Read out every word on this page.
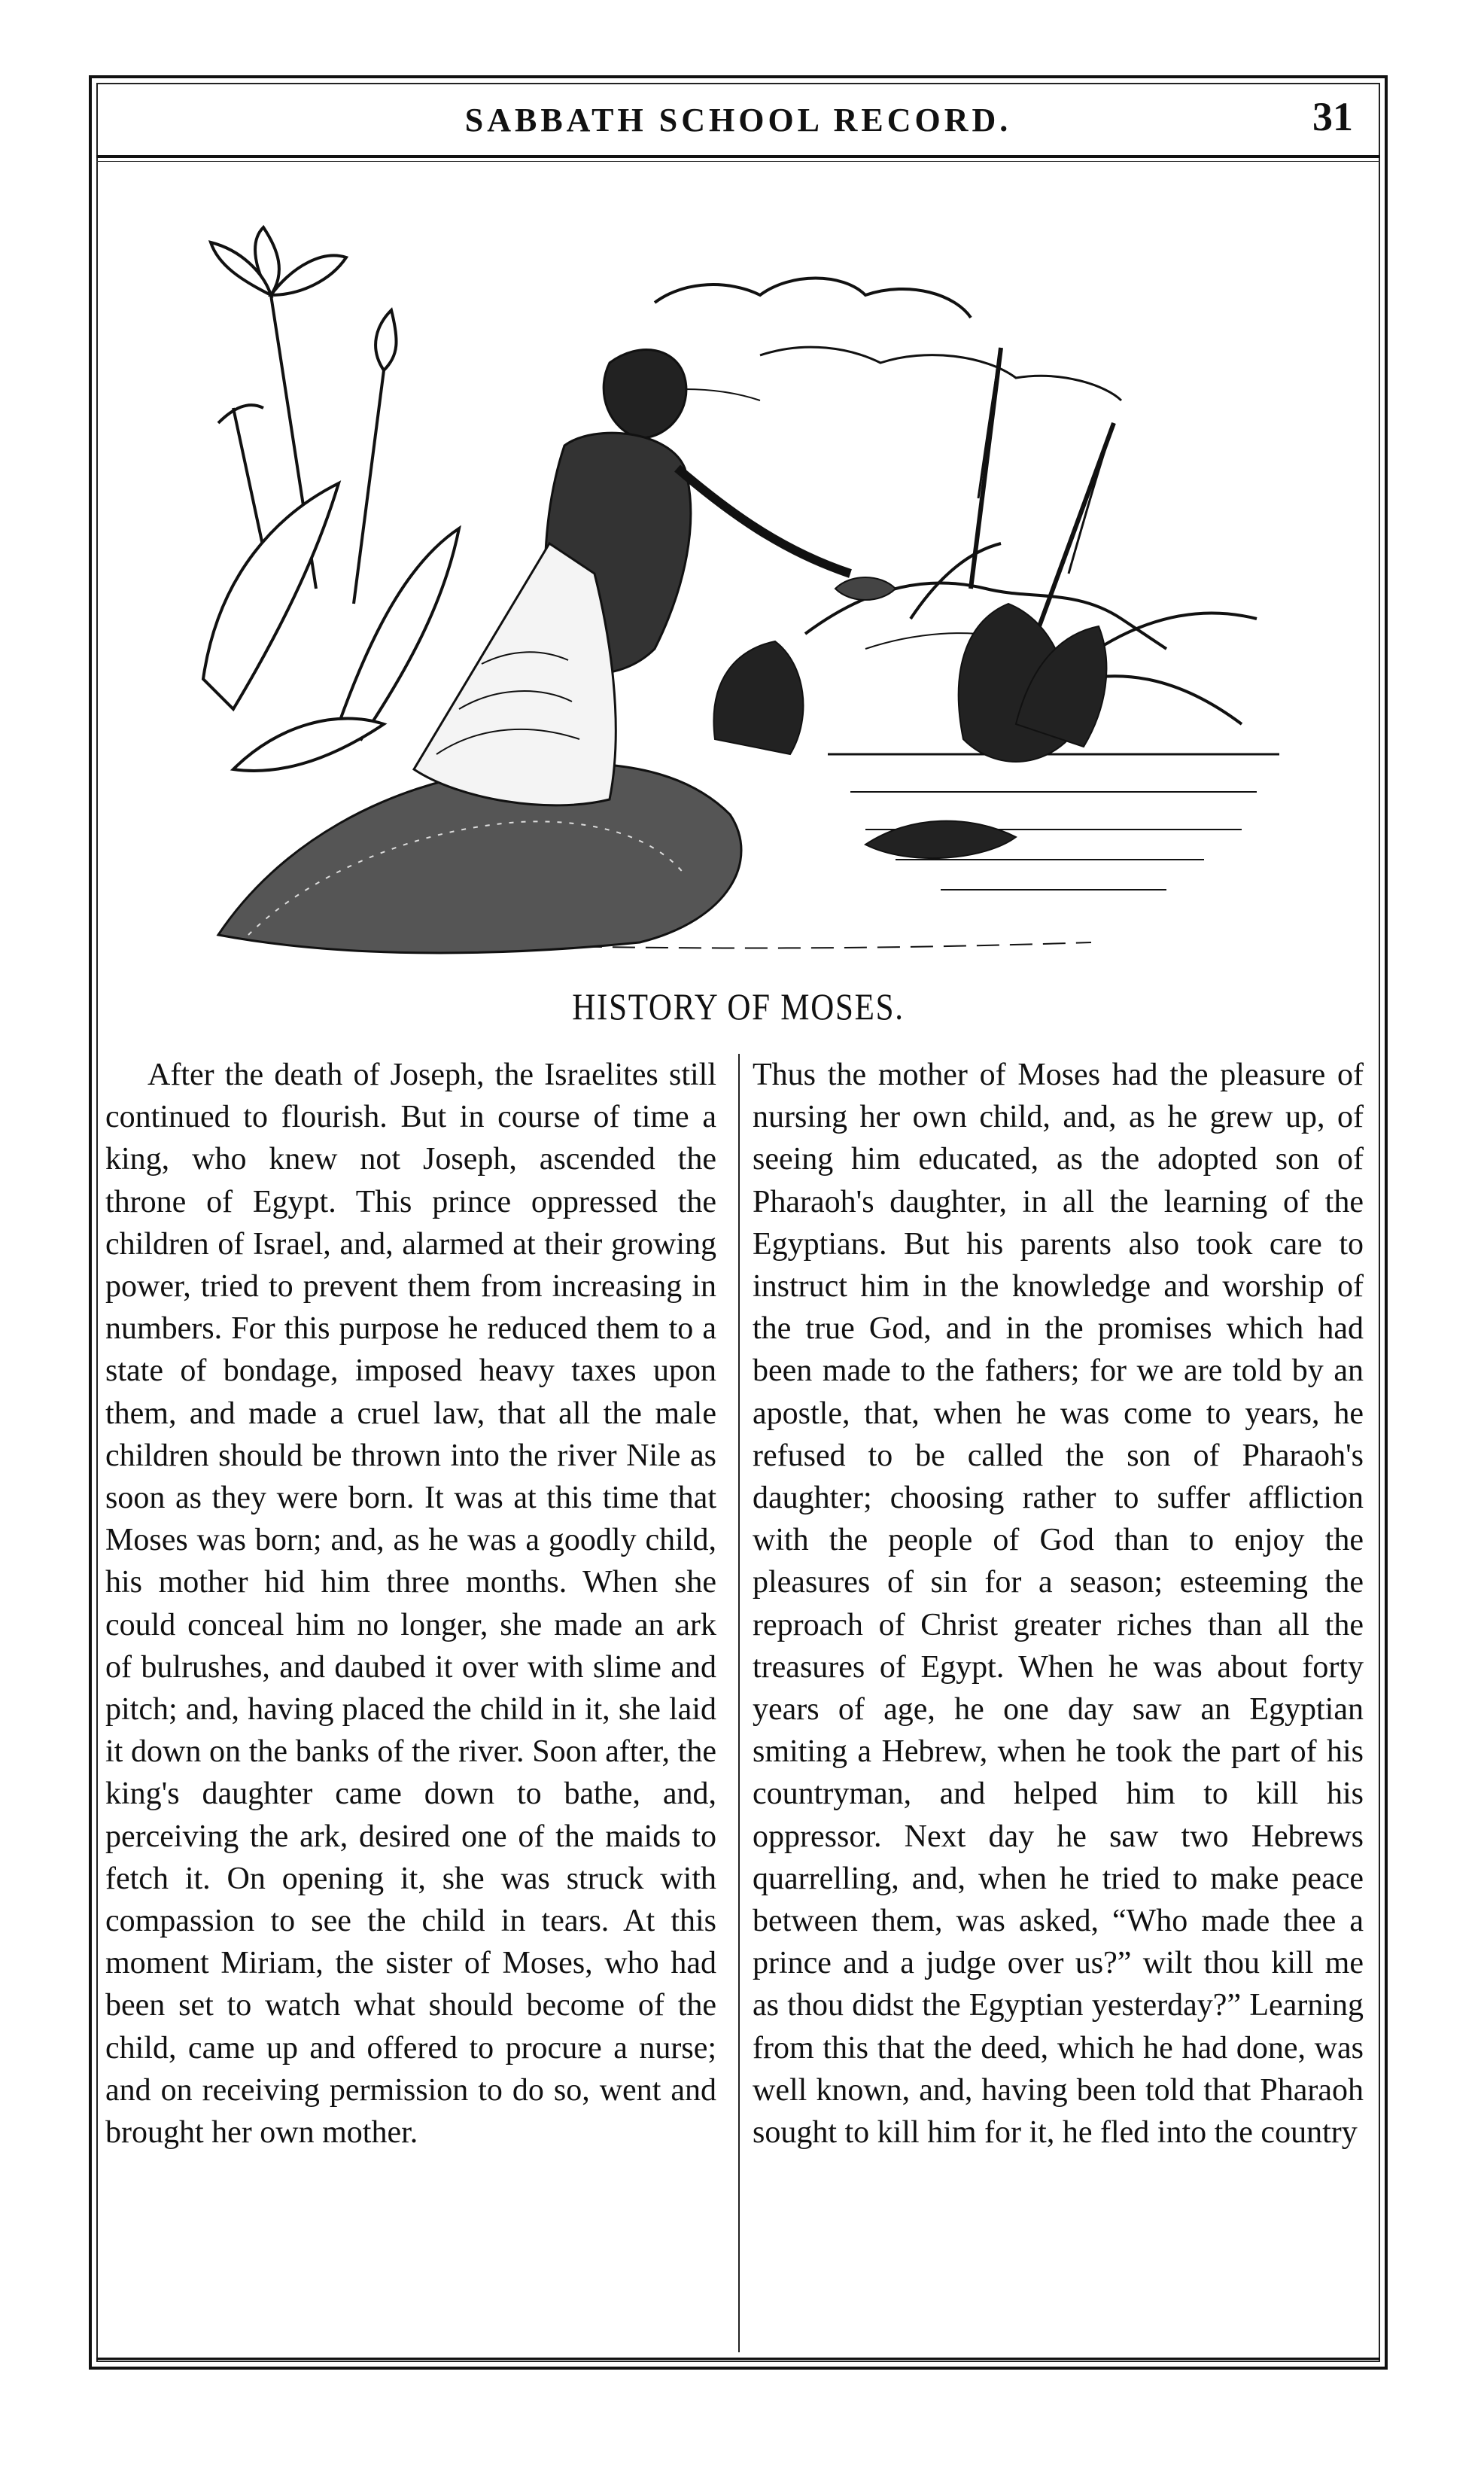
SABBATH SCHOOL RECORD.	31
HISTORY OF MOSES.

After the death of Joseph, the Israelites still continued to flourish. But in course of time a king, who knew not Joseph, ascended the throne of Egypt. This prince oppressed the children of Israel, and, alarmed at their growing power, tried to prevent them from increasing in numbers. For this purpose he reduced them to a state of bondage, imposed heavy taxes upon them, and made a cruel law, that all the male children should be thrown into the river Nile as soon as they were born. It was at this time that Moses was born; and, as he was a goodly child, his mother hid him three months. When she could conceal him no longer, she made an ark of bulrushes, and daubed it over with slime and pitch; and, having placed the child in it, she laid it down on the banks of the river. Soon after, the king's daughter came down to bathe, and, perceiving the ark, desired one of the maids to fetch it. On opening it, she was struck with compassion to see the child in tears. At this moment Miriam, the sister of Moses, who had been set to watch what should become of the child, came up and offered to procure a nurse; and on receiving permission to do so, went and brought her own mother.

Thus the mother of Moses had the pleasure of nursing her own child, and, as he grew up, of seeing him educated, as the adopted son of Pharaoh's daughter, in all the learning of the Egyptians. But his parents also took care to instruct him in the knowledge and worship of the true God, and in the promises which had been made to the fathers; for we are told by an apostle, that, when he was come to years, he refused to be called the son of Pharaoh's daughter; choosing rather to suffer affliction with the people of God than to enjoy the pleasures of sin for a season; esteeming the reproach of Christ greater riches than all the treasures of Egypt. When he was about forty years of age, he one day saw an Egyptian smiting a Hebrew, when he took the part of his countryman, and helped him to kill his oppressor. Next day he saw two Hebrews quarrelling, and, when he tried to make peace between them, was asked, “Who made thee a prince and a judge over us?” wilt thou kill me as thou didst the Egyptian yesterday?” Learning from this that the deed, which he had done, was well known, and, having been told that Pharaoh sought to kill him for it, he fled into the country
